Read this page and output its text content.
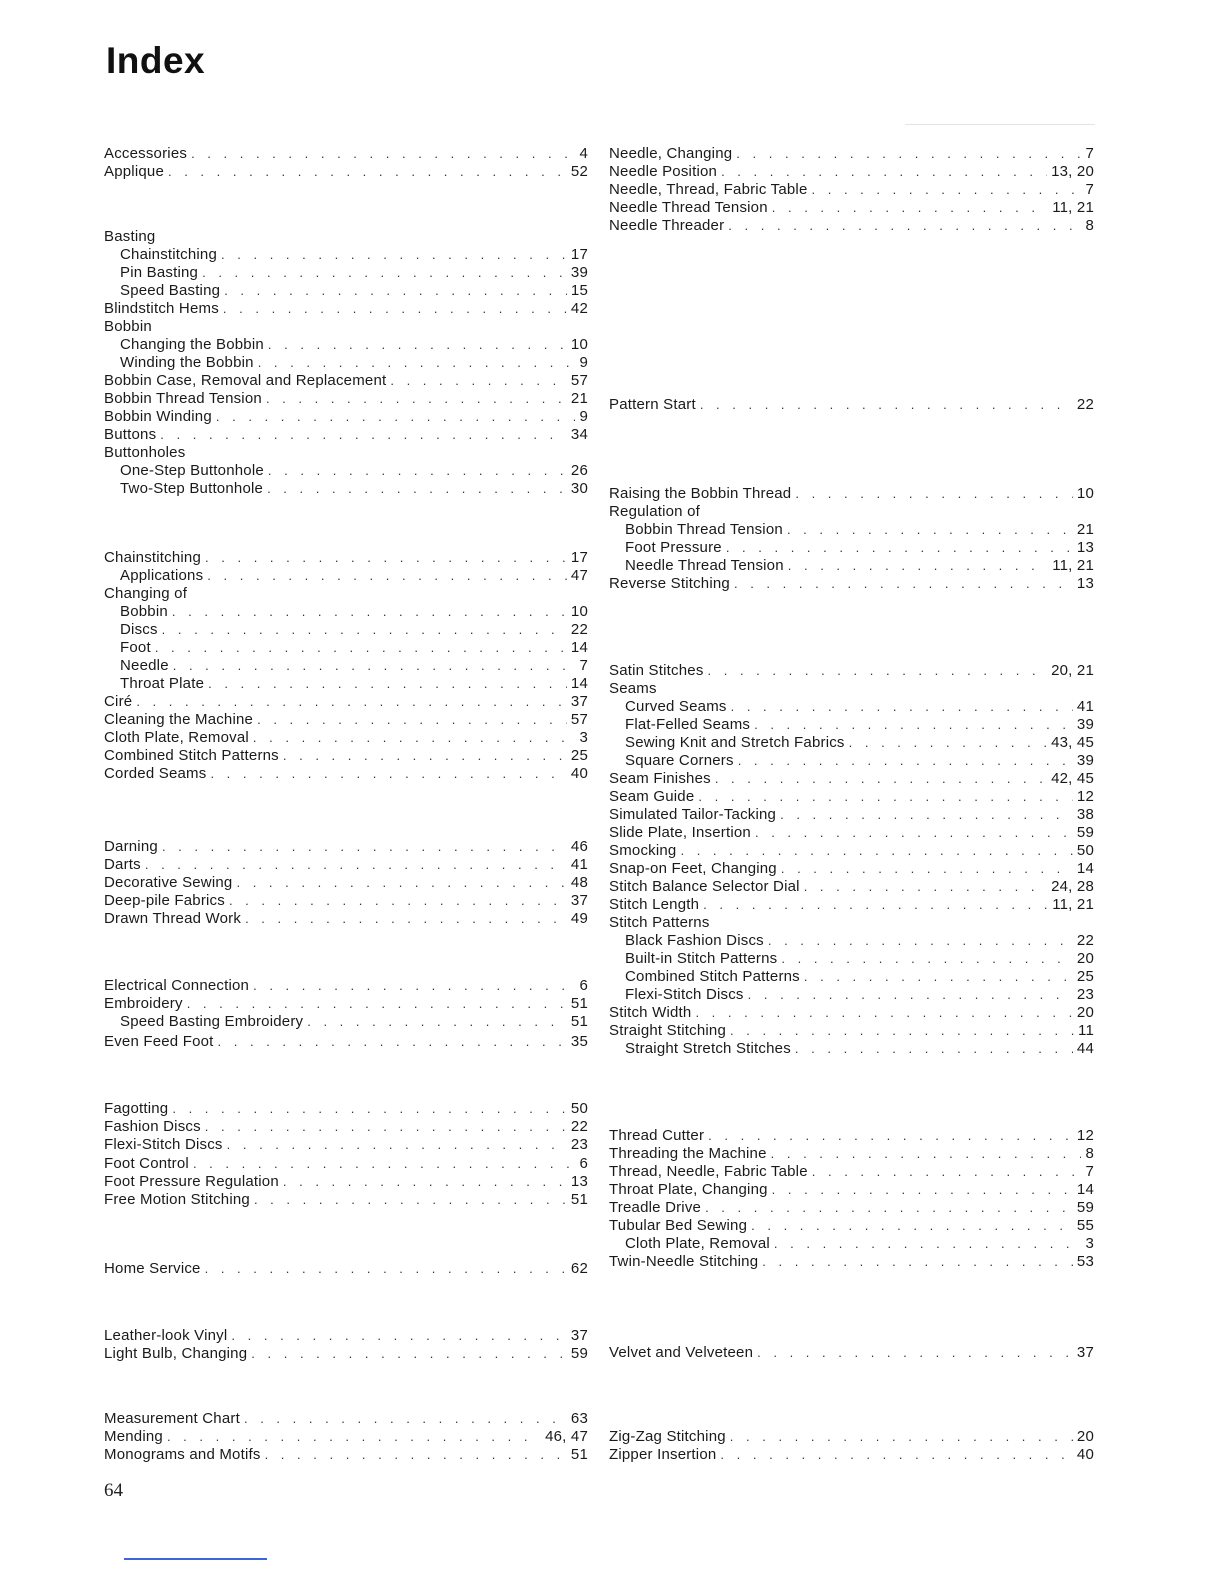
Index
Accessories . . .	4
Applique . . .	52
Basting
Chainstitching . . .	17
Pin Basting . . .	39
Speed Basting . . .	15
Blindstitch Hems . . .	42
Bobbin
Changing the Bobbin . . .	10
Winding the Bobbin . . .	9
Bobbin Case, Removal and Replacement . . .	57
Bobbin Thread Tension . . .	21
Bobbin Winding . . .	9
Buttons . . .	34
Buttonholes
One-Step Buttonhole . . .	26
Two-Step Buttonhole . . .	30
Chainstitching . . .	17
Applications . . .	47
Changing of
Bobbin . . .	10
Discs . . .	22
Foot . . .	14
Needle . . .	7
Throat Plate . . .	14
Ciré . . .	37
Cleaning the Machine . . .	57
Cloth Plate, Removal . . .	3
Combined Stitch Patterns . . .	25
Corded Seams . . .	40
Darning . . .	46
Darts . . .	41
Decorative Sewing . . .	48
Deep-pile Fabrics . . .	37
Drawn Thread Work . . .	49
Electrical Connection . . .	6
Embroidery . . .	51
Speed Basting Embroidery . . .	51
Even Feed Foot . . .	35
Fagotting . . .	50
Fashion Discs . . .	22
Flexi-Stitch Discs . . .	23
Foot Control . . .	6
Foot Pressure Regulation . . .	13
Free Motion Stitching . . .	51
Home Service . . .	62
Leather-look Vinyl . . .	37
Light Bulb, Changing . . .	59
Measurement Chart . . .	63
Mending . . .	46, 47
Monograms and Motifs . . .	51
Needle, Changing . . .	7
Needle Position . . .	13, 20
Needle, Thread, Fabric Table . . .	7
Needle Thread Tension . . .	11, 21
Needle Threader . . .	8
Pattern Start . . .	22
Raising the Bobbin Thread . . .	10
Regulation of
Bobbin Thread Tension . . .	21
Foot Pressure . . .	13
Needle Thread Tension . . .	11, 21
Reverse Stitching . . .	13
Satin Stitches . . .	20, 21
Seams
Curved Seams . . .	41
Flat-Felled Seams . . .	39
Sewing Knit and Stretch Fabrics . . .	43, 45
Square Corners . . .	39
Seam Finishes . . .	42, 45
Seam Guide . . .	12
Simulated Tailor-Tacking . . .	38
Slide Plate, Insertion . . .	59
Smocking . . .	50
Snap-on Feet, Changing . . .	14
Stitch Balance Selector Dial . . .	24, 28
Stitch Length . . .	11, 21
Stitch Patterns
Black Fashion Discs . . .	22
Built-in Stitch Patterns . . .	20
Combined Stitch Patterns . . .	25
Flexi-Stitch Discs . . .	23
Stitch Width . . .	20
Straight Stitching . . .	11
Straight Stretch Stitches . . .	44
Thread Cutter . . .	12
Threading the Machine . . .	8
Thread, Needle, Fabric Table . . .	7
Throat Plate, Changing . . .	14
Treadle Drive . . .	59
Tubular Bed Sewing . . .	55
Cloth Plate, Removal . . .	3
Twin-Needle Stitching . . .	53
Velvet and Velveteen . . .	37
Zig-Zag Stitching . . .	20
Zipper Insertion . . .	40
64
